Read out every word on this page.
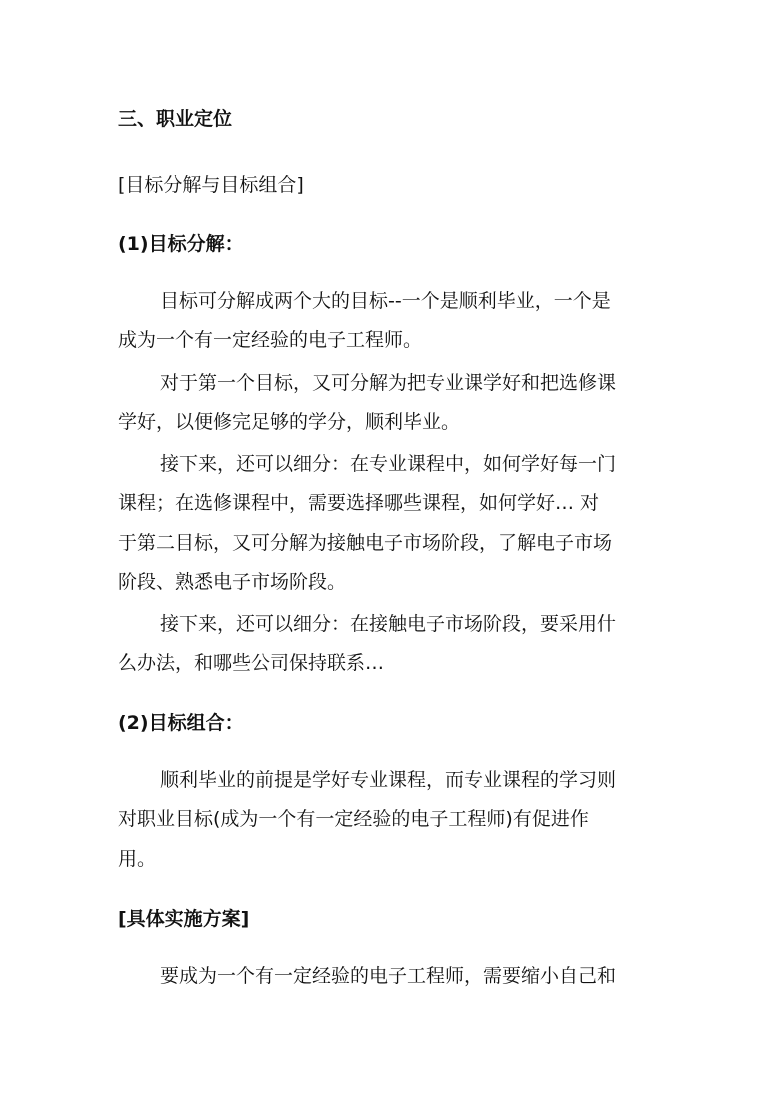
三、职业定位
[目标分解与目标组合]
(1)目标分解：
目标可分解成两个大的目标--一个是顺利毕业，一个是
成为一个有一定经验的电子工程师。
对于第一个目标，又可分解为把专业课学好和把选修课
学好，以便修完足够的学分，顺利毕业。
接下来，还可以细分：在专业课程中，如何学好每一门
课程；在选修课程中，需要选择哪些课程，如何学好… 对
于第二目标，又可分解为接触电子市场阶段，了解电子市场
阶段、熟悉电子市场阶段。
接下来，还可以细分：在接触电子市场阶段，要采用什
么办法，和哪些公司保持联系…
(2)目标组合：
顺利毕业的前提是学好专业课程，而专业课程的学习则
对职业目标(成为一个有一定经验的电子工程师)有促进作
用。
[具体实施方案]
要成为一个有一定经验的电子工程师，需要缩小自己和
